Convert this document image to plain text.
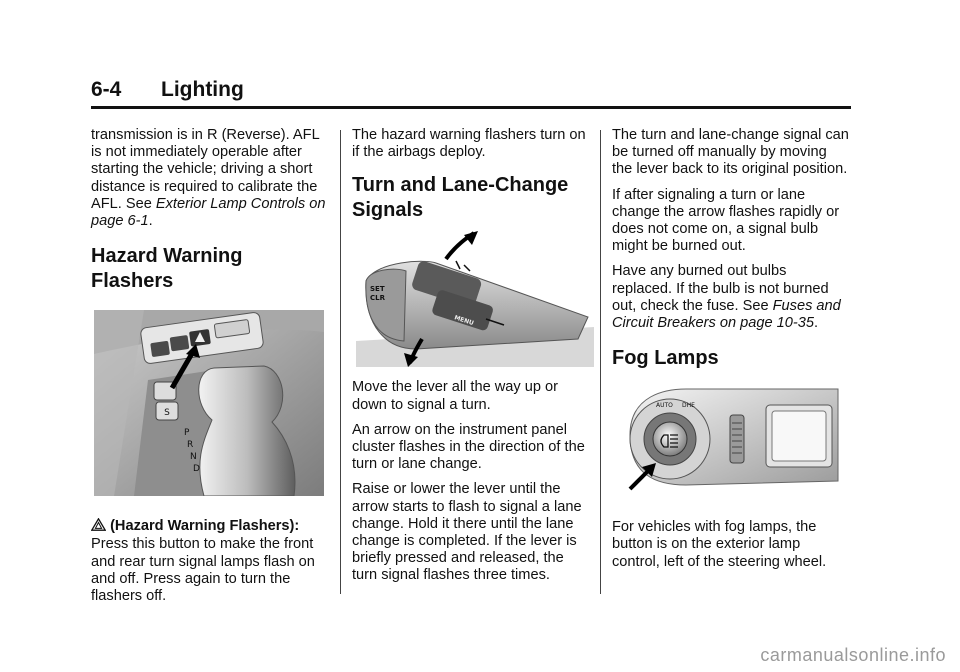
6-4 Lighting

transmission is in R (Reverse). AFL is not immediately operable after starting the vehicle; driving a short distance is required to calibrate the AFL. See Exterior Lamp Controls on page 6-1.

Hazard Warning Flashers
S
P
R
N
D

(Hazard Warning Flashers): Press this button to make the front and rear turn signal lamps flash on and off. Press again to turn the flashers off.

The hazard warning flashers turn on if the airbags deploy.

Turn and Lane-Change Signals
SET
CLR
MENU

Move the lever all the way up or down to signal a turn.

An arrow on the instrument panel cluster flashes in the direction of the turn or lane change.

Raise or lower the lever until the arrow starts to flash to signal a lane change. Hold it there until the lane change is completed. If the lever is briefly pressed and released, the turn signal flashes three times.

The turn and lane-change signal can be turned off manually by moving the lever back to its original position.

If after signaling a turn or lane change the arrow flashes rapidly or does not come on, a signal bulb might be burned out.

Have any burned out bulbs replaced. If the bulb is not burned out, check the fuse. See Fuses and Circuit Breakers on page 10-35.

Fog Lamps
AUTO DHE

For vehicles with fog lamps, the button is on the exterior lamp control, left of the steering wheel.

carmanualsonline.info
